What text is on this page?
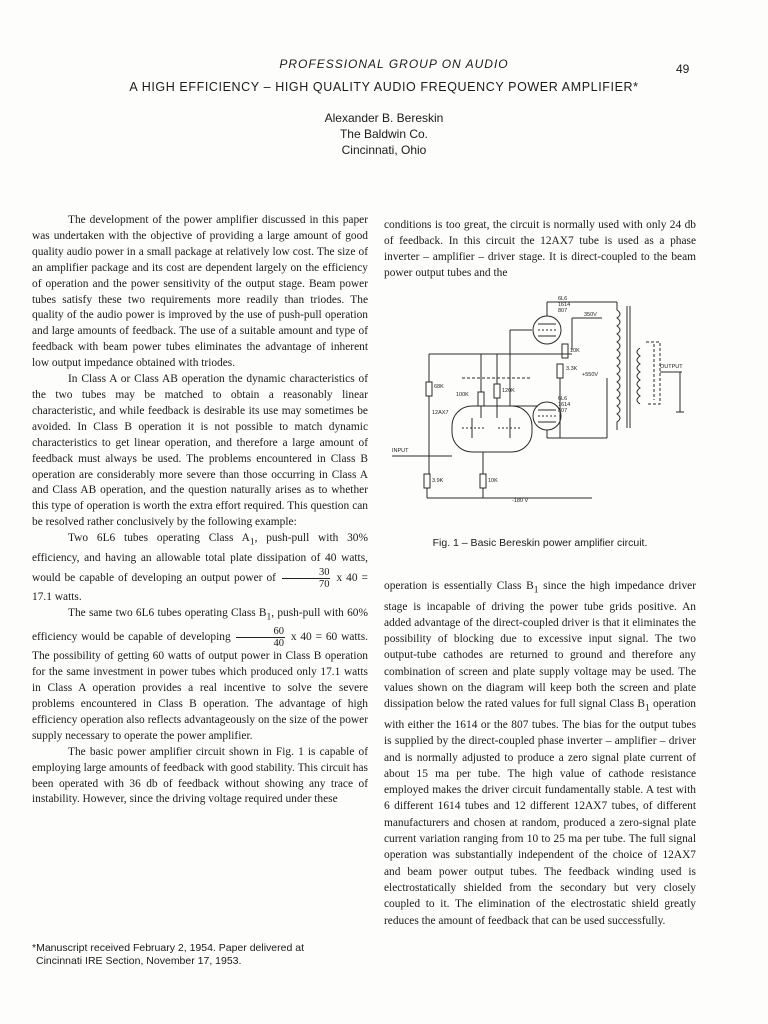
PROFESSIONAL GROUP ON AUDIO	49
A HIGH EFFICIENCY – HIGH QUALITY AUDIO FREQUENCY POWER AMPLIFIER*
Alexander B. Bereskin
The Baldwin Co.
Cincinnati, Ohio

The development of the power amplifier discussed in this paper was undertaken with the objective of providing a large amount of good quality audio power in a small package at relatively low cost. The size of an amplifier package and its cost are dependent largely on the efficiency of operation and the power sensitivity of the output stage. Beam power tubes satisfy these two requirements more readily than triodes. The quality of the audio power is improved by the use of push-pull operation and large amounts of feedback. The use of a suitable amount and type of feedback with beam power tubes eliminates the advantage of inherent low output impedance obtained with triodes.

In Class A or Class AB operation the dynamic characteristics of the two tubes may be matched to obtain a reasonably linear characteristic, and while feedback is desirable its use may sometimes be avoided. In Class B operation it is not possible to match dynamic characteristics to get linear operation, and therefore a large amount of feedback must always be used. The problems encountered in Class B operation are considerably more severe than those occurring in Class A and Class AB operation, and the question naturally arises as to whether this type of operation is worth the extra effort required. This question can be resolved rather conclusively by the following example:

Two 6L6 tubes operating Class $A_1$, push-pull with 30% efficiency, and having an allowable total plate dissipation of 40 watts, would be capable of developing an output power of $\frac{30}{70}$ x 40 = 17.1 watts.

The same two 6L6 tubes operating Class $B_1$, push-pull with 60% efficiency would be capable of developing $\frac{60}{40}$ x 40 = 60 watts. The possibility of getting 60 watts of output power in Class B operation for the same investment in power tubes which produced only 17.1 watts in Class A operation provides a real incentive to solve the severe problems encountered in Class B operation. The advantage of high efficiency operation also reflects advantageously on the size of the power supply necessary to operate the power amplifier.

The basic power amplifier circuit shown in Fig. 1 is capable of employing large amounts of feedback with good stability. This circuit has been operated with 36 db of feedback without showing any trace of instability. However, since the driving voltage required under these

*Manuscript received February 2, 1954. Paper delivered at
Cincinnati IRE Section, November 17, 1953.

conditions is too great, the circuit is normally used with only 24 db of feedback. In this circuit the 12AX7 tube is used as a phase inverter – amplifier – driver stage. It is direct-coupled to the beam power output tubes and the

6L6
1614
807
6L6
1614
807
350V
10K
3.3K
+550V
68K
100K
120K
12AX7
INPUT
3.9K	10K
-180 V
OUTPUT
Fig. 1 – Basic Bereskin power amplifier circuit.

operation is essentially Class $B_1$ since the high impedance driver stage is incapable of driving the power tube grids positive. An added advantage of the direct-coupled driver is that it eliminates the possibility of blocking due to excessive input signal. The two output-tube cathodes are returned to ground and therefore any combination of screen and plate supply voltage may be used. The values shown on the diagram will keep both the screen and plate dissipation below the rated values for full signal Class $B_1$ operation with either the 1614 or the 807 tubes. The bias for the output tubes is supplied by the direct-coupled phase inverter – amplifier – driver and is normally adjusted to produce a zero signal plate current of about 15 ma per tube. The high value of cathode resistance employed makes the driver circuit fundamentally stable. A test with 6 different 1614 tubes and 12 different 12AX7 tubes, of different manufacturers and chosen at random, produced a zero-signal plate current variation ranging from 10 to 25 ma per tube. The full signal operation was substantially independent of the choice of 12AX7 and beam power output tubes. The feedback winding used is electrostatically shielded from the secondary but very closely coupled to it. The elimination of the electrostatic shield greatly reduces the amount of feedback that can be used successfully.
